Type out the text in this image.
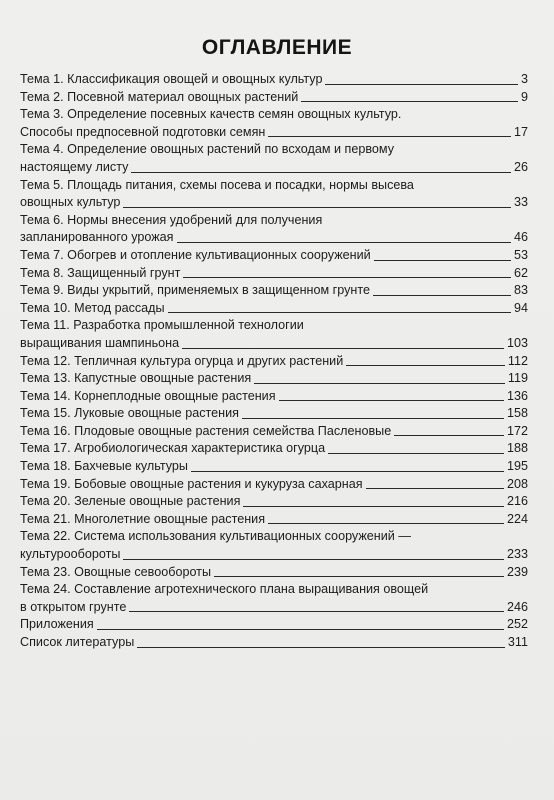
ОГЛАВЛЕНИЕ
Тема 1. Классификация овощей и овощных культур	3
Тема 2. Посевной материал овощных растений	9
Тема 3. Определение посевных качеств семян овощных культур.
Способы предпосевной подготовки семян	17
Тема 4. Определение овощных растений по всходам и первому
настоящему листу	26
Тема 5. Площадь питания, схемы посева и посадки, нормы высева
овощных культур	33
Тема 6. Нормы внесения удобрений для получения
запланированного урожая	46
Тема 7. Обогрев и отопление культивационных сооружений	53
Тема 8. Защищенный грунт	62
Тема 9. Виды укрытий, применяемых в защищенном грунте	83
Тема 10. Метод рассады	94
Тема 11. Разработка промышленной технологии
выращивания шампиньона	103
Тема 12. Тепличная культура огурца и других растений	112
Тема 13. Капустные овощные растения	119
Тема 14. Корнеплодные овощные растения	136
Тема 15. Луковые овощные растения	158
Тема 16. Плодовые овощные растения семейства Пасленовые	172
Тема 17. Агробиологическая характеристика огурца	188
Тема 18. Бахчевые культуры	195
Тема 19. Бобовые овощные растения и кукуруза сахарная	208
Тема 20. Зеленые овощные растения	216
Тема 21. Многолетние овощные растения	224
Тема 22. Система использования культивационных сооружений —
культурообороты	233
Тема 23. Овощные севообороты	239
Тема 24. Составление агротехнического плана выращивания овощей
в открытом грунте	246
Приложения	252
Список литературы	311
